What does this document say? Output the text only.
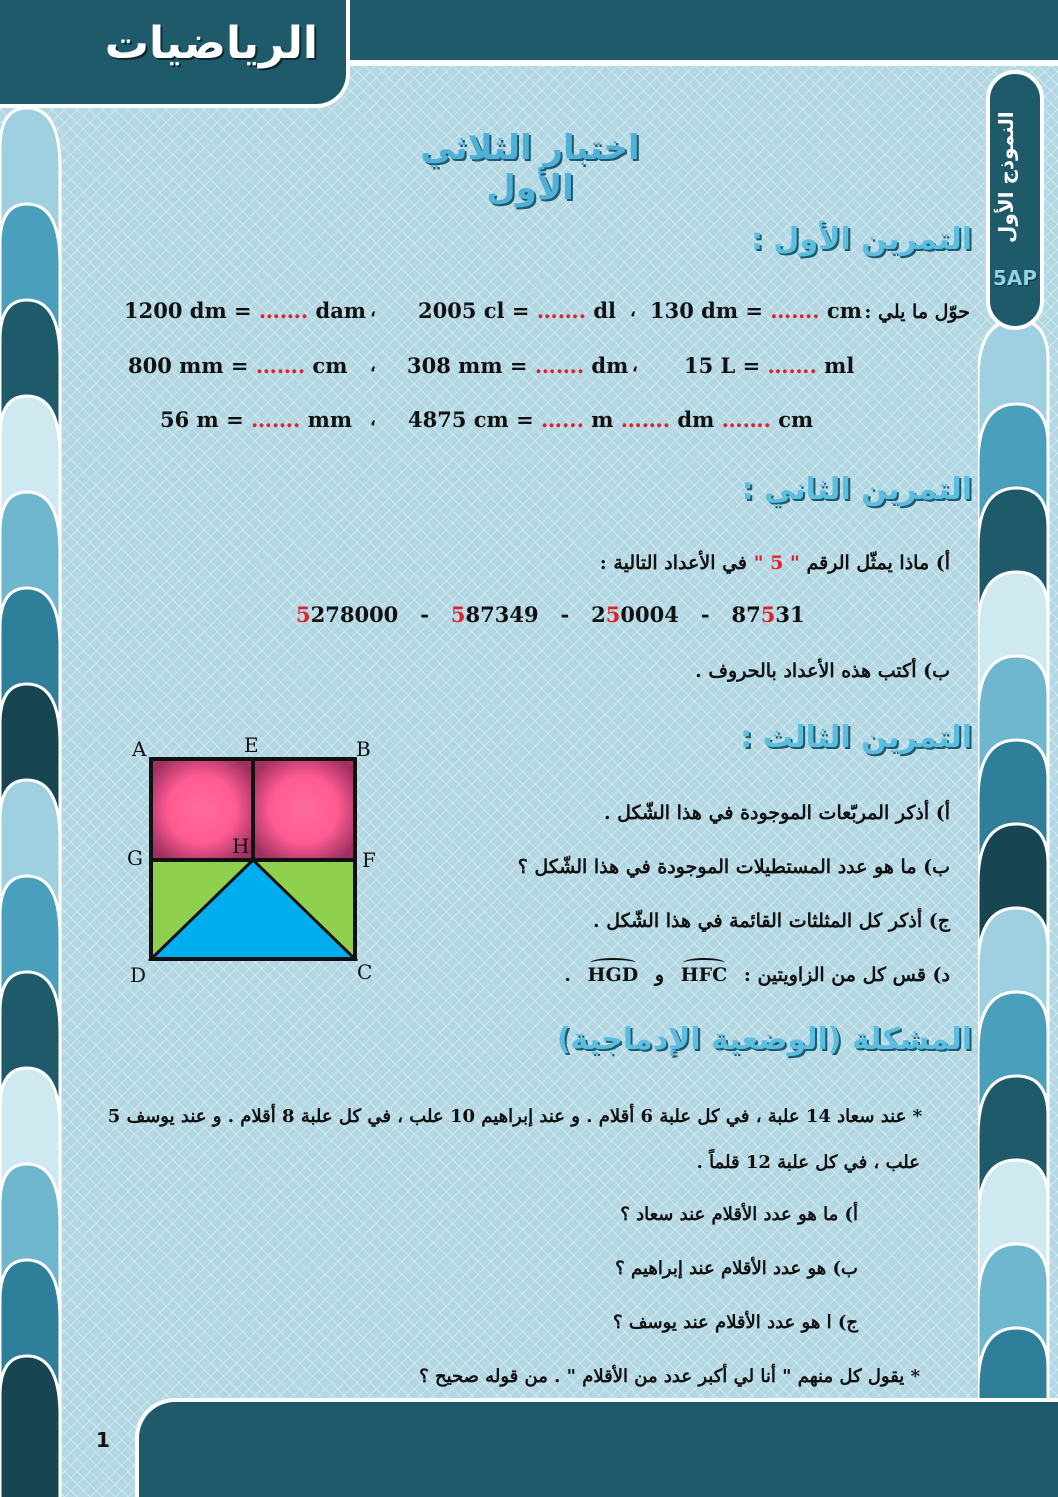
الرياضيات
النموذج الأول
5AP
اختبار الثلاثي الأول
التمرين الأول :
حوّل ما يلي :
130 dm = ……. cm
،
2005 cl = ……. dl
،
1200 dm = ……. dam
15 L = ……. ml
،
308 mm = ……. dm
،
800 mm = ……. cm
4875 cm = …... m ……. dm ……. cm
،
56 m = ……. mm
التمرين الثاني :
أ) ماذا يمثّل الرقم " 5 " في الأعداد التالية :
5278000 - 587349 - 250004 - 87531
ب) أكتب هذه الأعداد بالحروف .
التمرين الثالث :
أ) أذكر المربّعات الموجودة في هذا الشّكل .
ب) ما هو عدد المستطيلات الموجودة في هذا الشّكل ؟
ج) أذكر كل المثلثات القائمة في هذا الشّكل .
د) قس كل من الزاويتين : HFC و HGD .
A	E	B
G	H
F
D	C
المشكلة (الوضعية الإدماجية)
* عند سعاد 14 علبة ، في كل علبة 6 أقلام . و عند إبراهيم 10 علب ، في كل علبة 8 أقلام . و عند يوسف 5
علب ، في كل علبة 12 قلماً .
أ) ما هو عدد الأقلام عند سعاد ؟
ب) هو عدد الأقلام عند إبراهيم ؟
ج) ا هو عدد الأقلام عند يوسف ؟
* يقول كل منهم " أنا لي أكبر عدد من الأقلام " . من قوله صحيح ؟
1
